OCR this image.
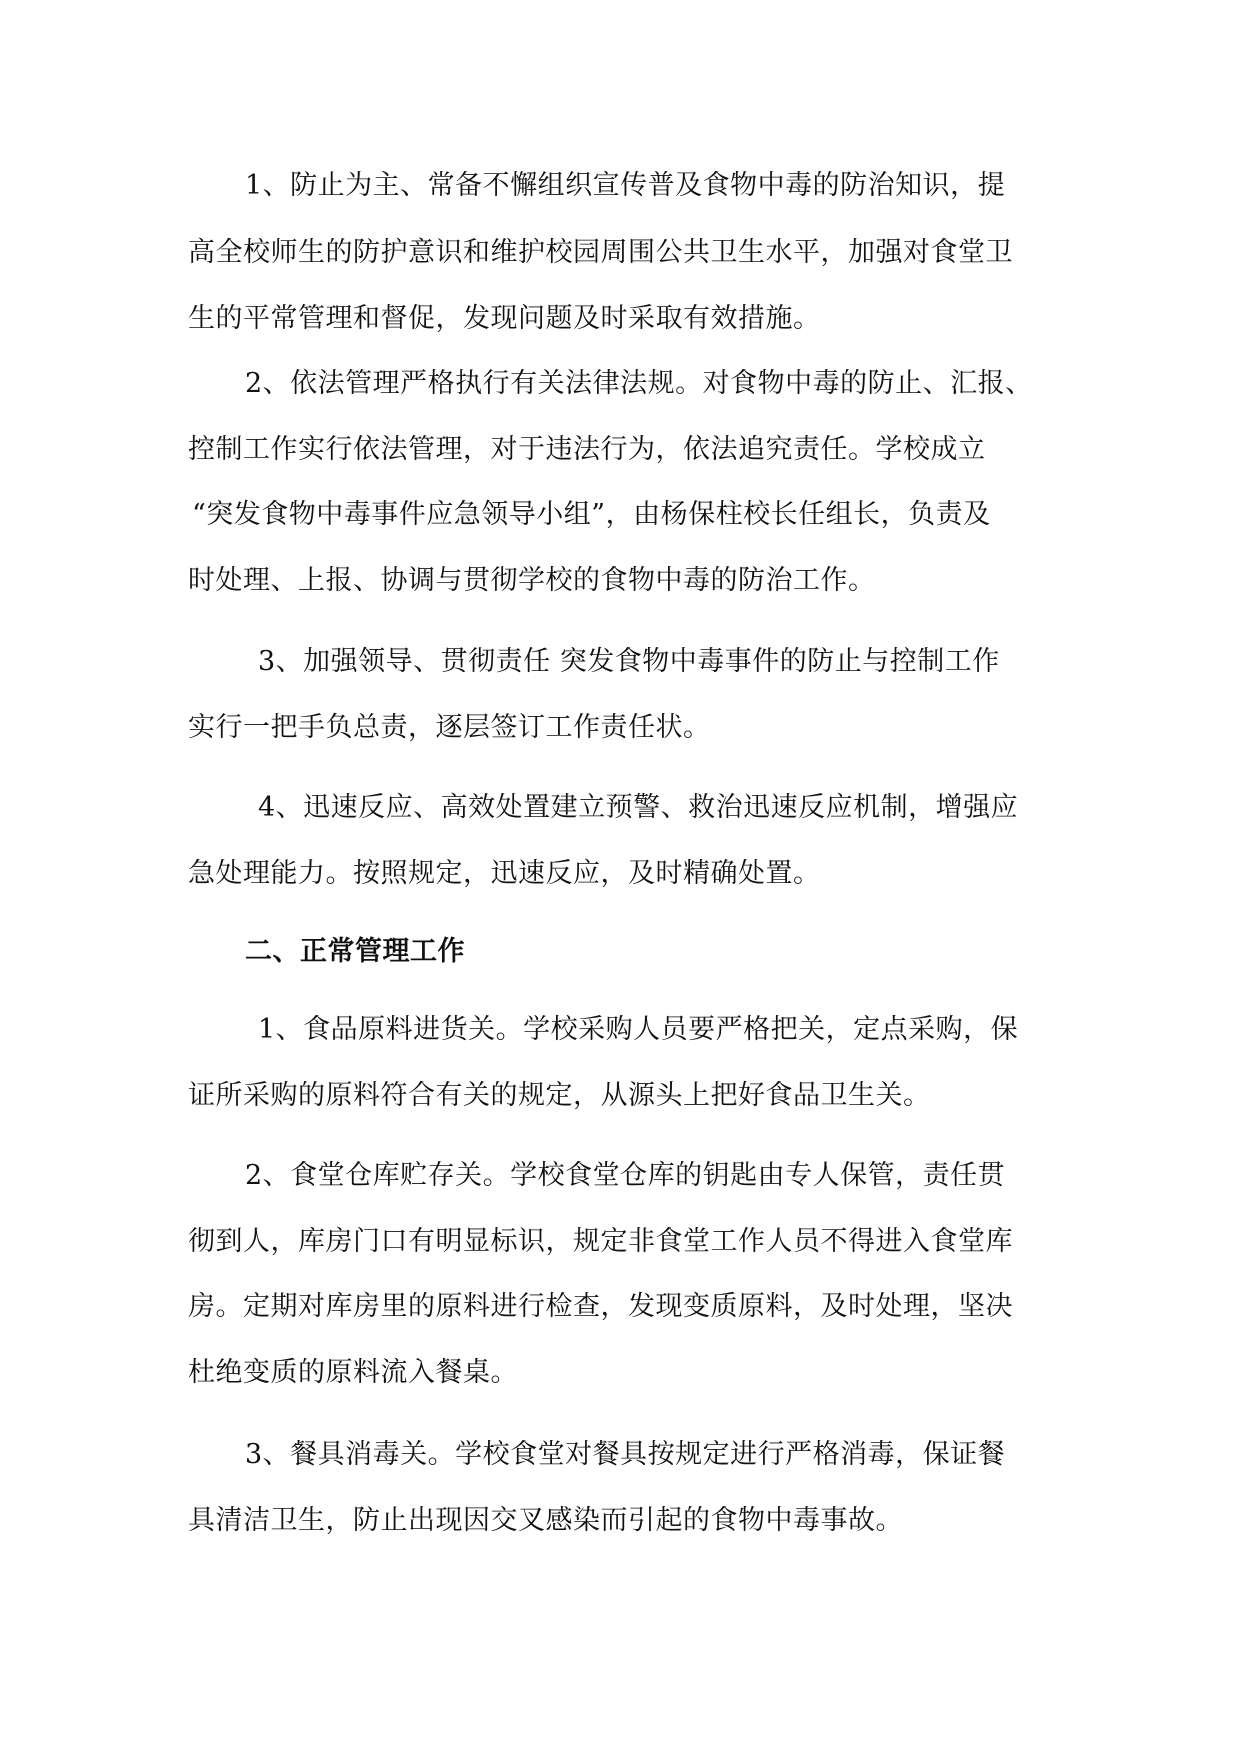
1、防止为主、常备不懈组织宣传普及食物中毒的防治知识，提
高全校师生的防护意识和维护校园周围公共卫生水平，加强对食堂卫
生的平常管理和督促，发现问题及时采取有效措施。
2、依法管理严格执行有关法律法规。对食物中毒的防止、汇报、
控制工作实行依法管理，对于违法行为，依法追究责任。学校成立
“突发食物中毒事件应急领导小组”，由杨保柱校长任组长，负责及
时处理、上报、协调与贯彻学校的食物中毒的防治工作。
3、加强领导、贯彻责任 突发食物中毒事件的防止与控制工作
实行一把手负总责，逐层签订工作责任状。
4、迅速反应、高效处置建立预警、救治迅速反应机制，增强应
急处理能力。按照规定，迅速反应，及时精确处置。
二、正常管理工作
1、食品原料进货关。学校采购人员要严格把关，定点采购，保
证所采购的原料符合有关的规定，从源头上把好食品卫生关。
2、食堂仓库贮存关。学校食堂仓库的钥匙由专人保管，责任贯
彻到人，库房门口有明显标识，规定非食堂工作人员不得进入食堂库
房。定期对库房里的原料进行检查，发现变质原料，及时处理，坚决
杜绝变质的原料流入餐桌。
3、餐具消毒关。学校食堂对餐具按规定进行严格消毒，保证餐
具清洁卫生，防止出现因交叉感染而引起的食物中毒事故。
